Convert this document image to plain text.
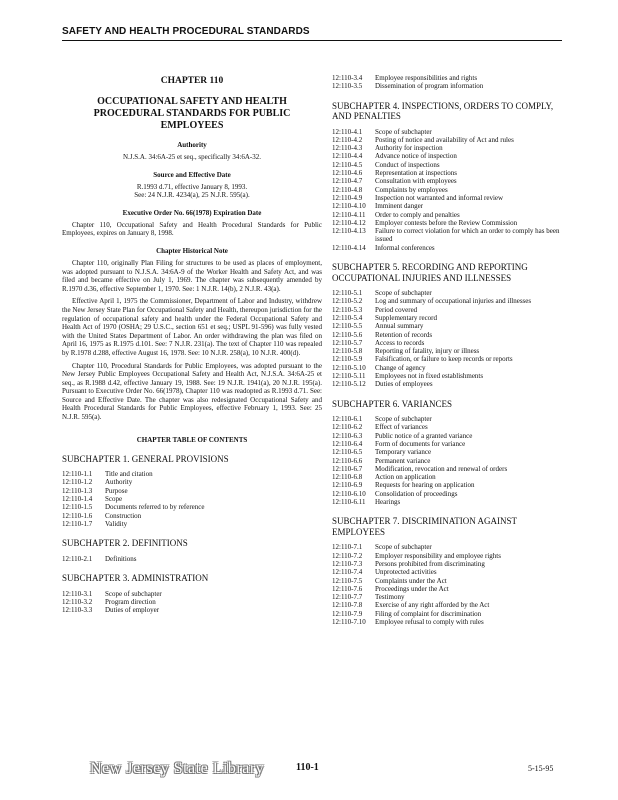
SAFETY AND HEALTH PROCEDURAL STANDARDS
CHAPTER 110
OCCUPATIONAL SAFETY AND HEALTH PROCEDURAL STANDARDS FOR PUBLIC EMPLOYEES
Authority
N.J.S.A. 34:6A-25 et seq., specifically 34:6A-32.
Source and Effective Date
R.1993 d.71, effective January 8, 1993.
See: 24 N.J.R. 4234(a), 25 N.J.R. 595(a).
Executive Order No. 66(1978) Expiration Date
Chapter 110, Occupational Safety and Health Procedural Standards for Public Employees, expires on January 8, 1998.
Chapter Historical Note
Chapter 110, originally Plan Filing for structures to be used as places of employment, was adopted pursuant to N.J.S.A. 34:6A-9 of the Worker Health and Safety Act, and was filed and became effective on July 1, 1969. The chapter was subsequently amended by R.1970 d.36, effective September 1, 1970. See: 1 N.J.R. 14(b), 2 N.J.R. 43(a).
Effective April 1, 1975 the Commissioner, Department of Labor and Industry, withdrew the New Jersey State Plan for Occupational Safety and Health, thereupon jurisdiction for the regulation of occupational safety and health under the Federal Occupational Safety and Health Act of 1970 (OSHA; 29 U.S.C., section 651 et seq.; USPL 91-596) was fully vested with the United States Department of Labor. An order withdrawing the plan was filed on April 16, 1975 as R.1975 d.101. See: 7 N.J.R. 231(a). The text of Chapter 110 was repealed by R.1978 d.288, effective August 16, 1978. See: 10 N.J.R. 258(a), 10 N.J.R. 400(d).
Chapter 110, Procedural Standards for Public Employees, was adopted pursuant to the New Jersey Public Employees Occupational Safety and Health Act, N.J.S.A. 34:6A-25 et seq., as R.1988 d.42, effective January 19, 1988. See: 19 N.J.R. 1941(a), 20 N.J.R. 195(a). Pursuant to Executive Order No. 66(1978), Chapter 110 was readopted as R.1993 d.71. See: Source and Effective Date. The chapter was also redesignated Occupational Safety and Health Procedural Standards for Public Employees, effective February 1, 1993. See: 25 N.J.R. 595(a).
CHAPTER TABLE OF CONTENTS
SUBCHAPTER 1. GENERAL PROVISIONS
12:110-1.1	Title and citation
12:110-1.2	Authority
12:110-1.3	Purpose
12:110-1.4	Scope
12:110-1.5	Documents referred to by reference
12:110-1.6	Construction
12:110-1.7	Validity
SUBCHAPTER 2. DEFINITIONS
12:110-2.1	Definitions
SUBCHAPTER 3. ADMINISTRATION
12:110-3.1	Scope of subchapter
12:110-3.2	Program direction
12:110-3.3	Duties of employer
12:110-3.4	Employee responsibilities and rights
12:110-3.5	Dissemination of program information
SUBCHAPTER 4. INSPECTIONS, ORDERS TO COMPLY, AND PENALTIES
12:110-4.1	Scope of subchapter
12:110-4.2	Posting of notice and availability of Act and rules
12:110-4.3	Authority for inspection
12:110-4.4	Advance notice of inspection
12:110-4.5	Conduct of inspections
12:110-4.6	Representation at inspections
12:110-4.7	Consultation with employees
12:110-4.8	Complaints by employees
12:110-4.9	Inspection not warranted and informal review
12:110-4.10	Imminent danger
12:110-4.11	Order to comply and penalties
12:110-4.12	Employer contests before the Review Commission
12:110-4.13	Failure to correct violation for which an order to comply has been issued
12:110-4.14	Informal conferences
SUBCHAPTER 5. RECORDING AND REPORTING OCCUPATIONAL INJURIES AND ILLNESSES
12:110-5.1	Scope of subchapter
12:110-5.2	Log and summary of occupational injuries and illnesses
12:110-5.3	Period covered
12:110-5.4	Supplementary record
12:110-5.5	Annual summary
12:110-5.6	Retention of records
12:110-5.7	Access to records
12:110-5.8	Reporting of fatality, injury or illness
12:110-5.9	Falsification, or failure to keep records or reports
12:110-5.10	Change of agency
12:110-5.11	Employees not in fixed establishments
12:110-5.12	Duties of employees
SUBCHAPTER 6. VARIANCES
12:110-6.1	Scope of subchapter
12:110-6.2	Effect of variances
12:110-6.3	Public notice of a granted variance
12:110-6.4	Form of documents for variance
12:110-6.5	Temporary variance
12:110-6.6	Permanent variance
12:110-6.7	Modification, revocation and renewal of orders
12:110-6.8	Action on application
12:110-6.9	Requests for hearing on application
12:110-6.10	Consolidation of proceedings
12:110-6.11	Hearings
SUBCHAPTER 7. DISCRIMINATION AGAINST EMPLOYEES
12:110-7.1	Scope of subchapter
12:110-7.2	Employer responsibility and employee rights
12:110-7.3	Persons prohibited from discriminating
12:110-7.4	Unprotected activities
12:110-7.5	Complaints under the Act
12:110-7.6	Proceedings under the Act
12:110-7.7	Testimony
12:110-7.8	Exercise of any right afforded by the Act
12:110-7.9	Filing of complaint for discrimination
12:110-7.10	Employee refusal to comply with rules
New Jersey State Library	110-1	5-15-95
